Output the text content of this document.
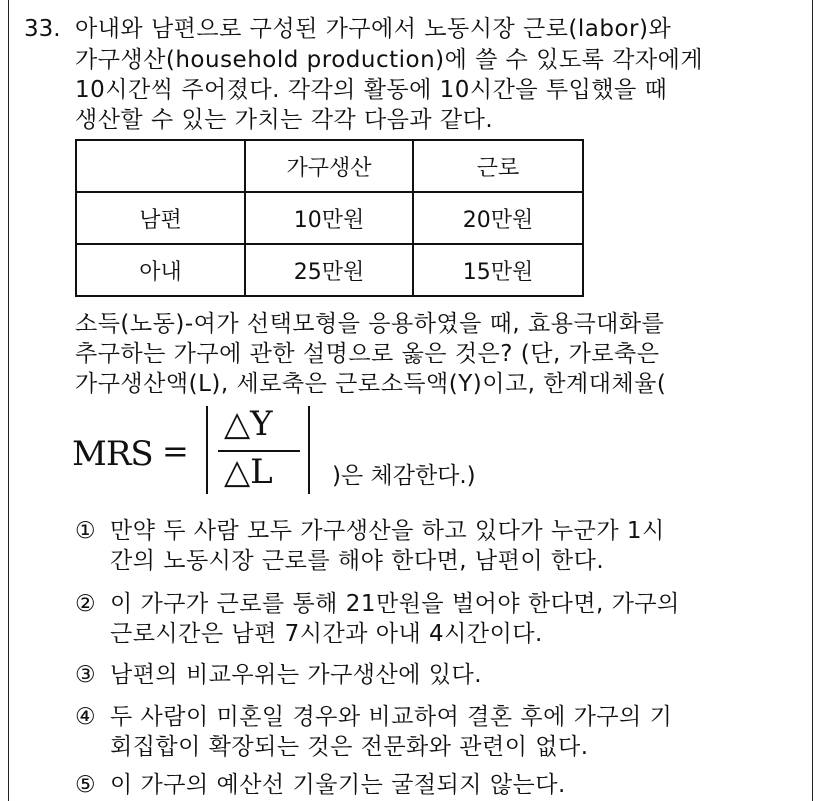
33. 아내와 남편으로 구성된 가구에서 노동시장 근로(labor)와
가구생산(household production)에 쓸 수 있도록 각자에게
10시간씩 주어졌다. 각각의 활동에 10시간을 투입했을 때
생산할 수 있는 가치는 각각 다음과 같다.
	가구생산	근로
남편	10만원	20만원
아내	25만원	15만원
소득(노동)-여가 선택모형을 응용하였을 때, 효용극대화를
추구하는 가구에 관한 설명으로 옳은 것은? (단, 가로축은
가구생산액(L), 세로축은 근로소득액(Y)이고, 한계대체율(
MRS =
△Y
△L	)은 체감한다.)
① 만약 두 사람 모두 가구생산을 하고 있다가 누군가 1시
간의 노동시장 근로를 해야 한다면, 남편이 한다.
② 이 가구가 근로를 통해 21만원을 벌어야 한다면, 가구의
근로시간은 남편 7시간과 아내 4시간이다.
③ 남편의 비교우위는 가구생산에 있다.
④ 두 사람이 미혼일 경우와 비교하여 결혼 후에 가구의 기
회집합이 확장되는 것은 전문화와 관련이 없다.
⑤ 이 가구의 예산선 기울기는 굴절되지 않는다.
